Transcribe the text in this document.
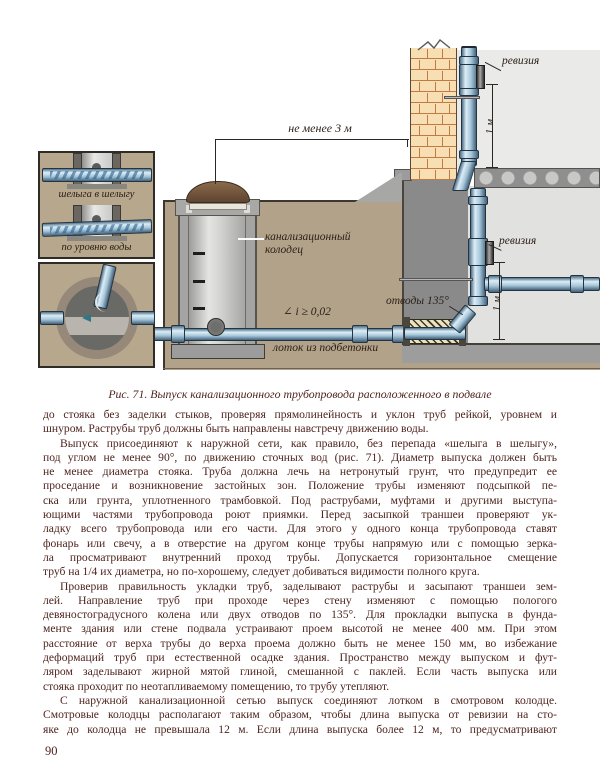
не менее 3 м
ревизия
ревизия
1 м
1 м
отводы 135°
∠ i ≥ 0,02
лоток из подбетонки
канализационный колодец
шелыга в шелыгу
по уровню воды
Рис. 71. Выпуск канализационного трубопровода расположенного в подвале
до стояка без заделки стыков, проверяя прямолинейность и уклон труб рейкой, уровнем и
шнуром. Раструбы труб должны быть направлены навстречу движению воды.
Выпуск присоединяют к наружной сети, как правило, без перепада «шелыга в шелыгу»,
под углом не менее 90°, по движению сточных вод (рис. 71). Диаметр выпуска должен быть
не менее диаметра стояка. Труба должна лечь на нетронутый грунт, что предупредит ее
проседание и возникновение застойных зон. Положение трубы изменяют подсыпкой пе-
ска или грунта, уплотненного трамбовкой. Под раструбами, муфтами и другими выступа-
ющими частями трубопровода роют приямки. Перед засыпкой траншеи проверяют ук-
ладку всего трубопровода или его части. Для этого у одного конца трубопровода ставят
фонарь или свечу, а в отверстие на другом конце трубы напрямую или с помощью зерка-
ла просматривают внутренний проход трубы. Допускается горизонтальное смещение
труб на 1/4 их диаметра, но по-хорошему, следует добиваться видимости полного круга.
Проверив правильность укладки труб, заделывают раструбы и засыпают траншеи зем-
лей. Направление труб при проходе через стену изменяют с помощью пологого
девяностоградусного колена или двух отводов по 135°. Для прокладки выпуска в фунда-
менте здания или стене подвала устраивают проем высотой не менее 400 мм. При этом
расстояние от верха трубы до верха проема должно быть не менее 150 мм, во избежание
деформаций труб при естественной осадке здания. Пространство между выпуском и фут-
ляром заделывают жирной мятой глиной, смешанной с паклей. Если часть выпуска или
стояка проходит по неотапливаемому помещению, то трубу утепляют.
С наружной канализационной сетью выпуск соединяют лотком в смотровом колодце.
Смотровые колодцы располагают таким образом, чтобы длина выпуска от ревизии на сто-
яке до колодца не превышала 12 м. Если длина выпуска более 12 м, то предусматривают
90
